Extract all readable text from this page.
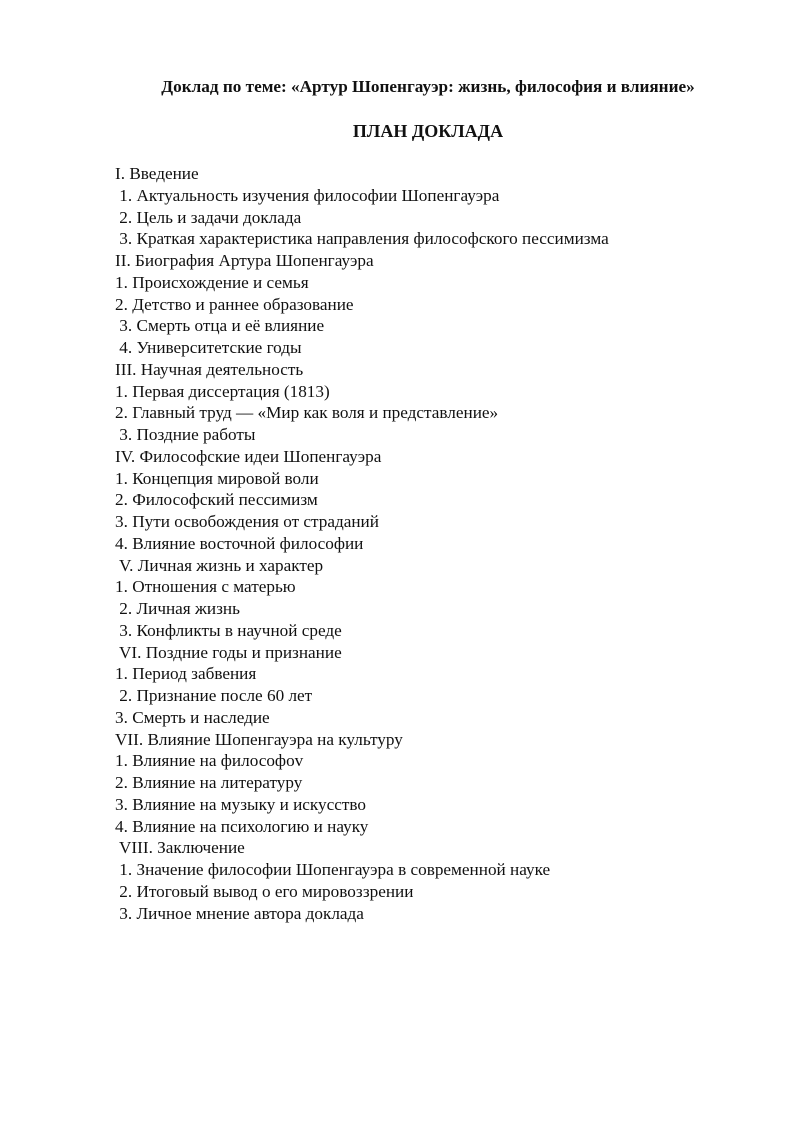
Доклад по теме: «Артур Шопенгауэр: жизнь, философия и влияние»
ПЛАН ДОКЛАДА
I. Введение
1. Актуальность изучения философии Шопенгауэра
2. Цель и задачи доклада
3. Краткая характеристика направления философского пессимизма
II. Биография Артура Шопенгауэра
1. Происхождение и семья
2. Детство и раннее образование
3. Смерть отца и её влияние
4. Университетские годы
III. Научная деятельность
1. Первая диссертация (1813)
2. Главный труд — «Мир как воля и представление»
3. Поздние работы
IV. Философские идеи Шопенгауэра
1. Концепция мировой воли
2. Философский пессимизм
3. Пути освобождения от страданий
4. Влияние восточной философии
V. Личная жизнь и характер
1. Отношения с матерью
2. Личная жизнь
3. Конфликты в научной среде
VI. Поздние годы и признание
1. Период забвения
2. Признание после 60 лет
3. Смерть и наследие
VII. Влияние Шопенгауэра на культуру
1. Влияние на философоv
2. Влияние на литературу
3. Влияние на музыку и искусство
4. Влияние на психологию и науку
VIII. Заключение
1. Значение философии Шопенгауэра в современной науке
2. Итоговый вывод о его мировоззрении
3. Личное мнение автора доклада
